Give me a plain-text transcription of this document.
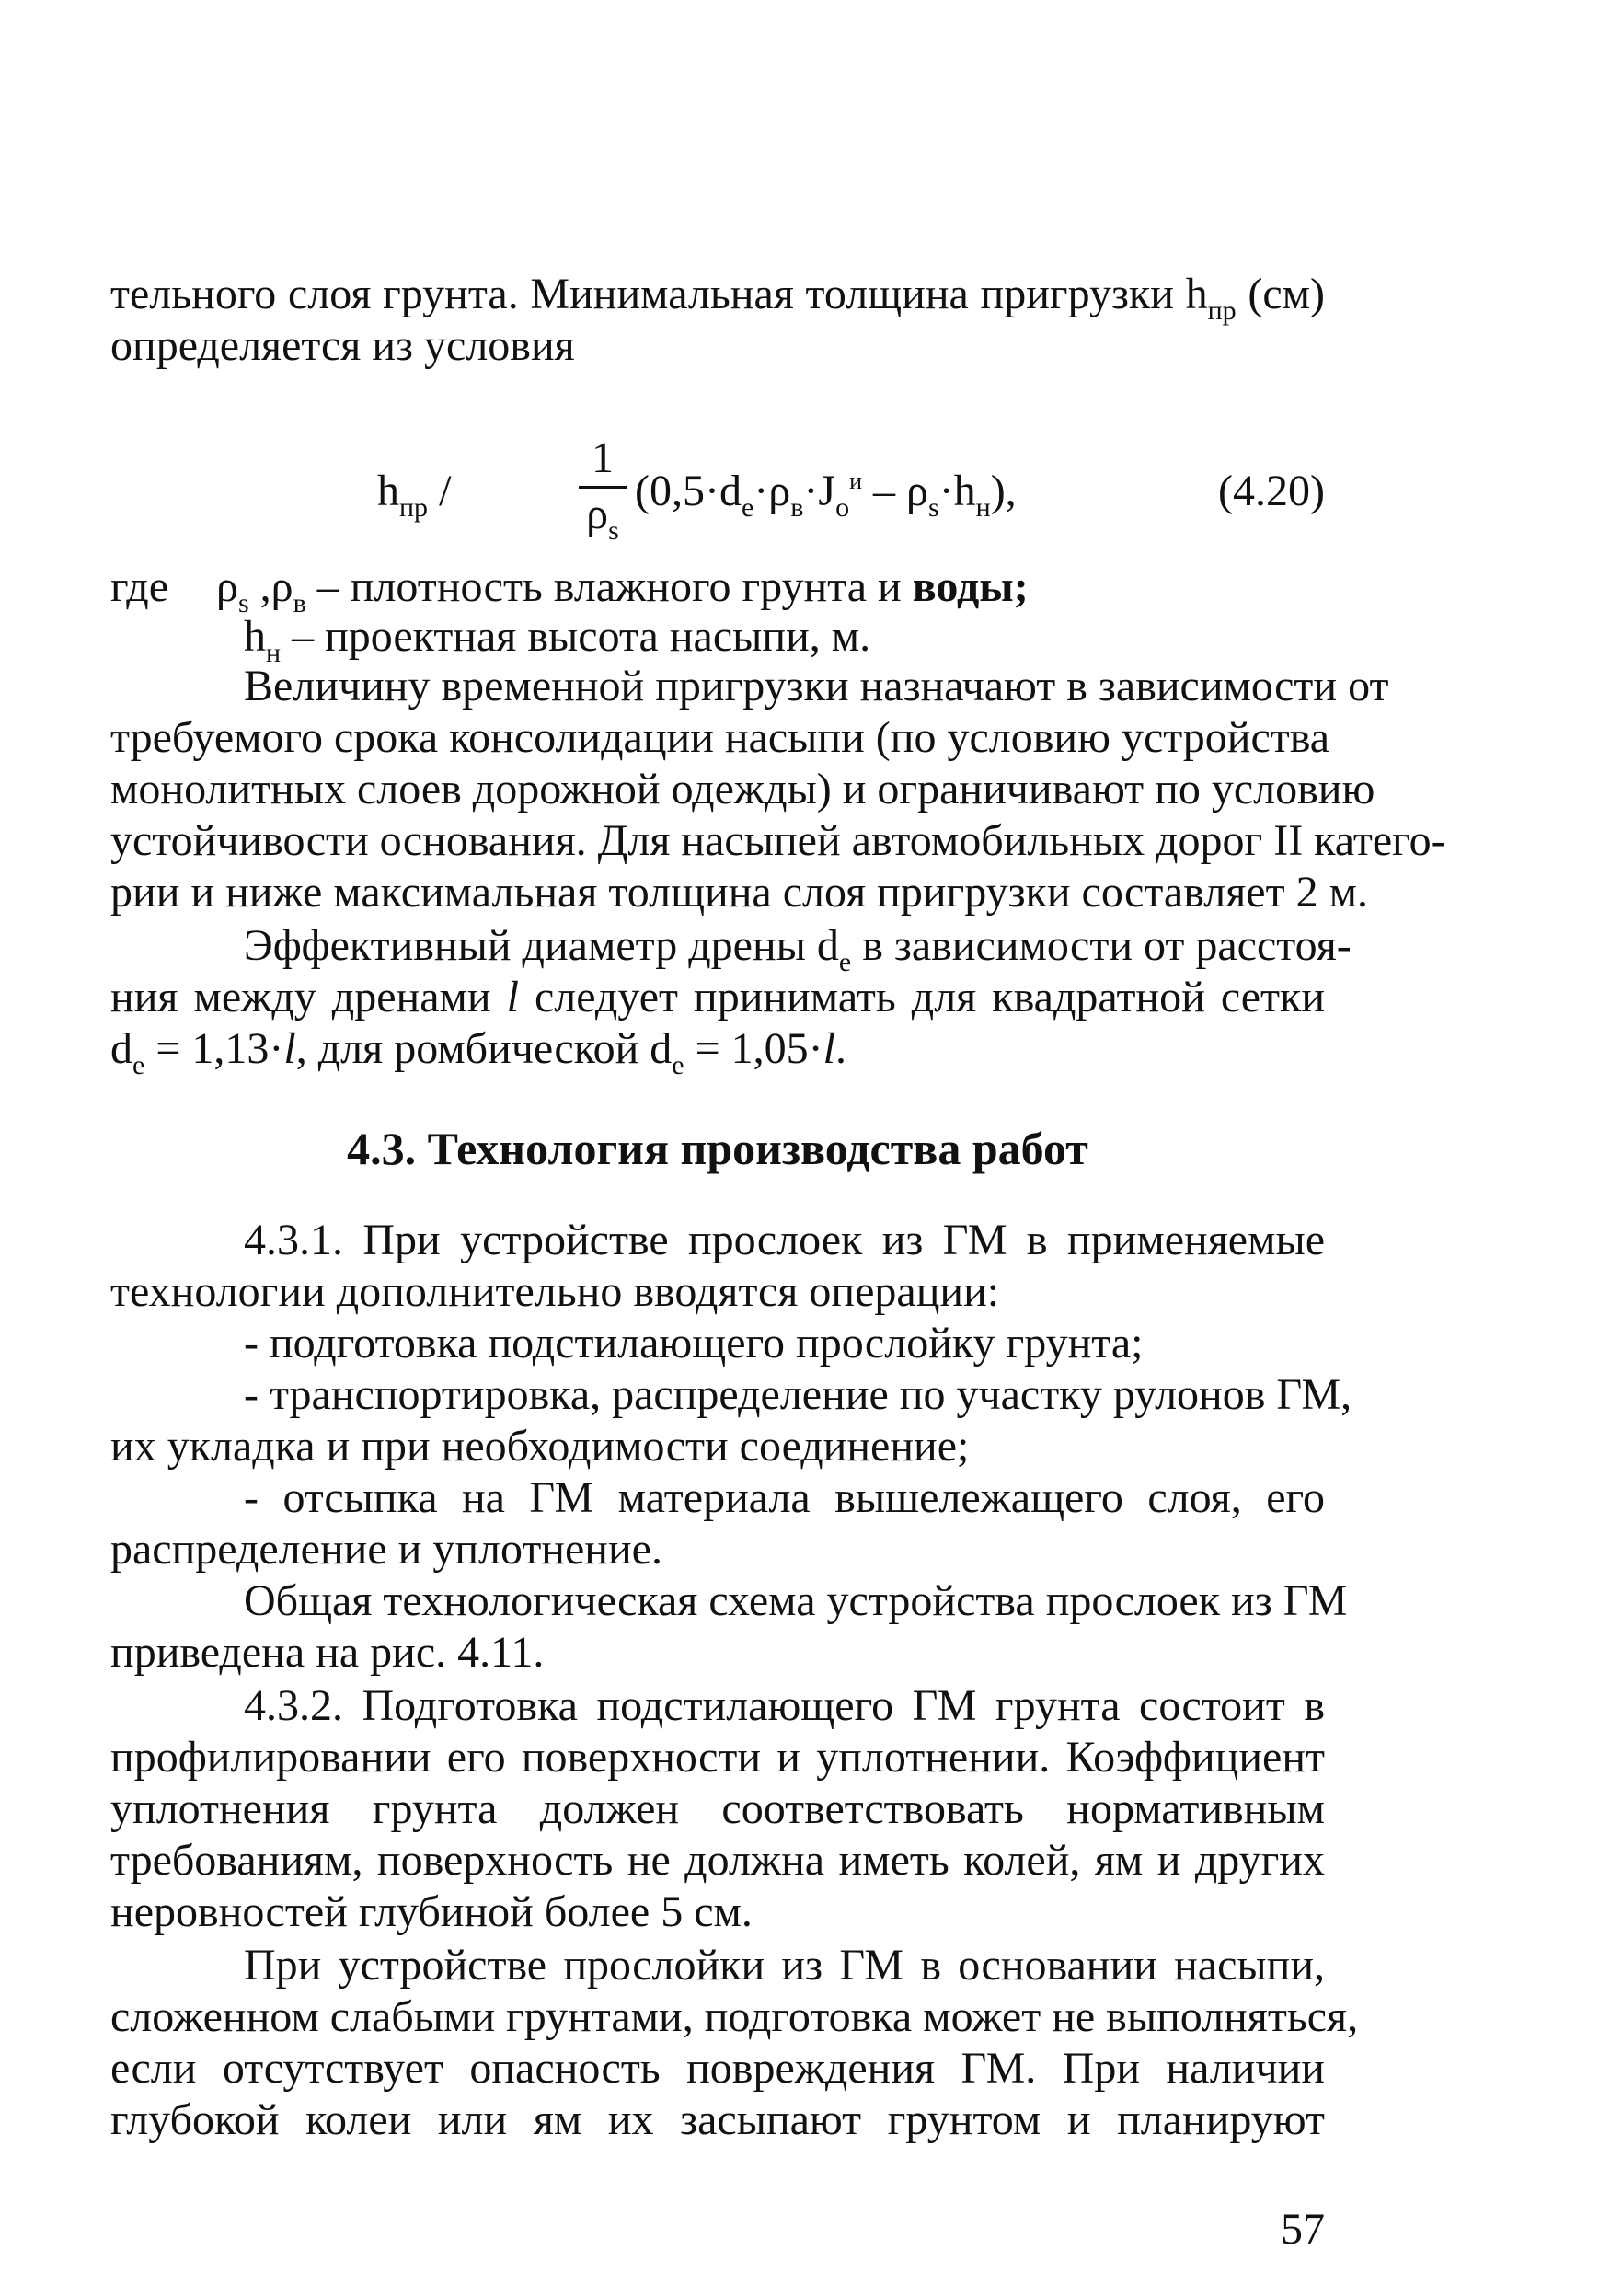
тельного слоя грунта. Минимальная толщина пригрузки $h_{пр}$ (см)
определяется из условия
$h_{пр}$ /
1
$\rho_s$
$(0,5\cdot d_е\cdot\rho_в\cdot J_о^и - \rho_s\cdot h_н)$,	(4.20)
где $\rho_s$ $,\rho_в$ – плотность влажного грунта и воды;
$h_н$ – проектная высота насыпи, м.
Величину временной пригрузки назначают в зависимости от
требуемого срока консолидации насыпи (по условию устройства
монолитных слоев дорожной одежды) и ограничивают по условию
устойчивости основания. Для насыпей автомобильных дорог II катего-
рии и ниже максимальная толщина слоя пригрузки составляет 2 м.
Эффективный диаметр дрены $d_е$ в зависимости от расстоя-
ния между дренами l следует принимать для квадратной сетки
$d_е = 1,13\cdot l$, для ромбической $d_е = 1,05\cdot l$.
4.3. Технология производства работ
4.3.1. При устройстве прослоек из ГМ в применяемые
технологии дополнительно вводятся операции:
- подготовка подстилающего прослойку грунта;
- транспортировка, распределение по участку рулонов ГМ,
их укладка и при необходимости соединение;
- отсыпка на ГМ материала вышележащего слоя, его
распределение и уплотнение.
Общая технологическая схема устройства прослоек из ГМ
приведена на рис. 4.11.
4.3.2. Подготовка подстилающего ГМ грунта состоит в
профилировании его поверхности и уплотнении. Коэффициент
уплотнения грунта должен соответствовать нормативным
требованиям, поверхность не должна иметь колей, ям и других
неровностей глубиной более 5 см.
При устройстве прослойки из ГМ в основании насыпи,
сложенном слабыми грунтами, подготовка может не выполняться,
если отсутствует опасность повреждения ГМ. При наличии
глубокой колеи или ям их засыпают грунтом и планируют
57
